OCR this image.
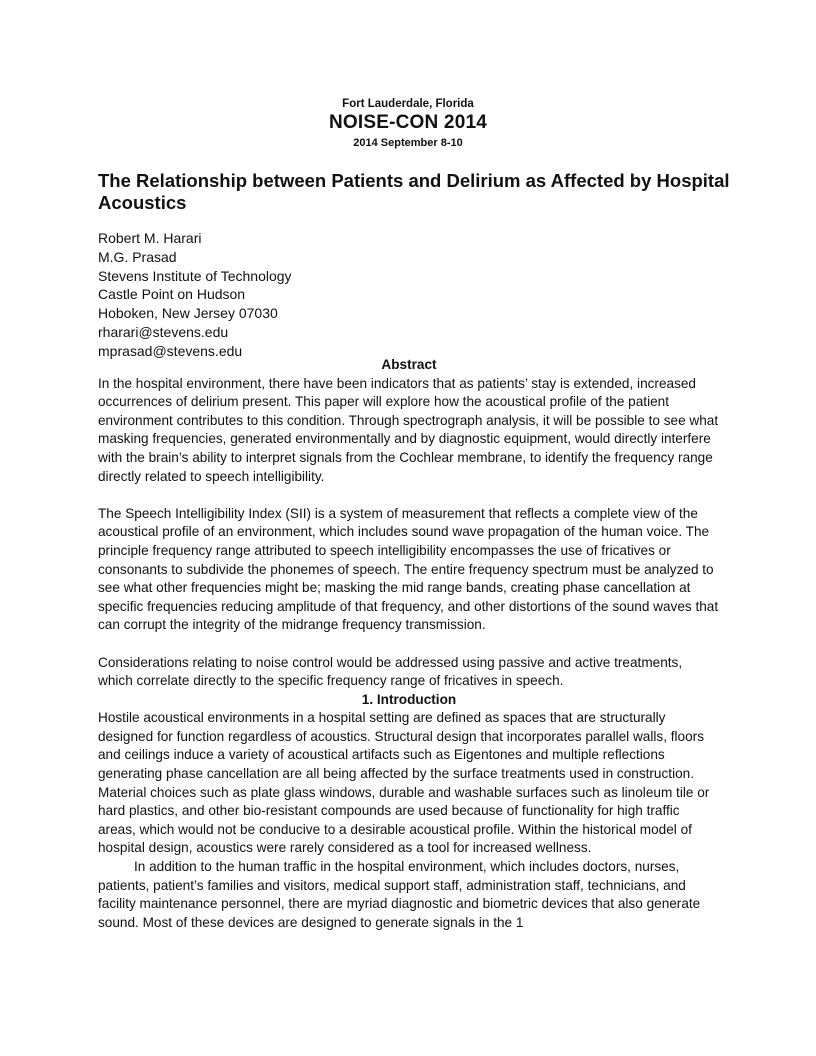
Fort Lauderdale, Florida
NOISE-CON 2014
2014 September 8-10
The Relationship between Patients and Delirium as Affected by Hospital Acoustics
Robert M. Harari
M.G. Prasad
Stevens Institute of Technology
Castle Point on Hudson
Hoboken, New Jersey 07030
rharari@stevens.edu
mprasad@stevens.edu
Abstract

In the hospital environment, there have been indicators that as patients’ stay is extended, increased occurrences of delirium present. This paper will explore how the acoustical profile of the patient environment contributes to this condition. Through spectrograph analysis, it will be possible to see what masking frequencies, generated environmentally and by diagnostic equipment, would directly interfere with the brain’s ability to interpret signals from the Cochlear membrane, to identify the frequency range directly related to speech intelligibility.

The Speech Intelligibility Index (SII) is a system of measurement that reflects a complete view of the acoustical profile of an environment, which includes sound wave propagation of the human voice. The principle frequency range attributed to speech intelligibility encompasses the use of fricatives or consonants to subdivide the phonemes of speech. The entire frequency spectrum must be analyzed to see what other frequencies might be; masking the mid range bands, creating phase cancellation at specific frequencies reducing amplitude of that frequency, and other distortions of the sound waves that can corrupt the integrity of the midrange frequency transmission.

Considerations relating to noise control would be addressed using passive and active treatments, which correlate directly to the specific frequency range of fricatives in speech.

1. Introduction

Hostile acoustical environments in a hospital setting are defined as spaces that are structurally designed for function regardless of acoustics. Structural design that incorporates parallel walls, floors and ceilings induce a variety of acoustical artifacts such as Eigentones and multiple reflections generating phase cancellation are all being affected by the surface treatments used in construction. Material choices such as plate glass windows, durable and washable surfaces such as linoleum tile or hard plastics, and other bio-resistant compounds are used because of functionality for high traffic areas, which would not be conducive to a desirable acoustical profile. Within the historical model of hospital design, acoustics were rarely considered as a tool for increased wellness.

In addition to the human traffic in the hospital environment, which includes doctors, nurses, patients, patient’s families and visitors, medical support staff, administration staff, technicians, and facility maintenance personnel, there are myriad diagnostic and biometric devices that also generate sound. Most of these devices are designed to generate signals in the 1
